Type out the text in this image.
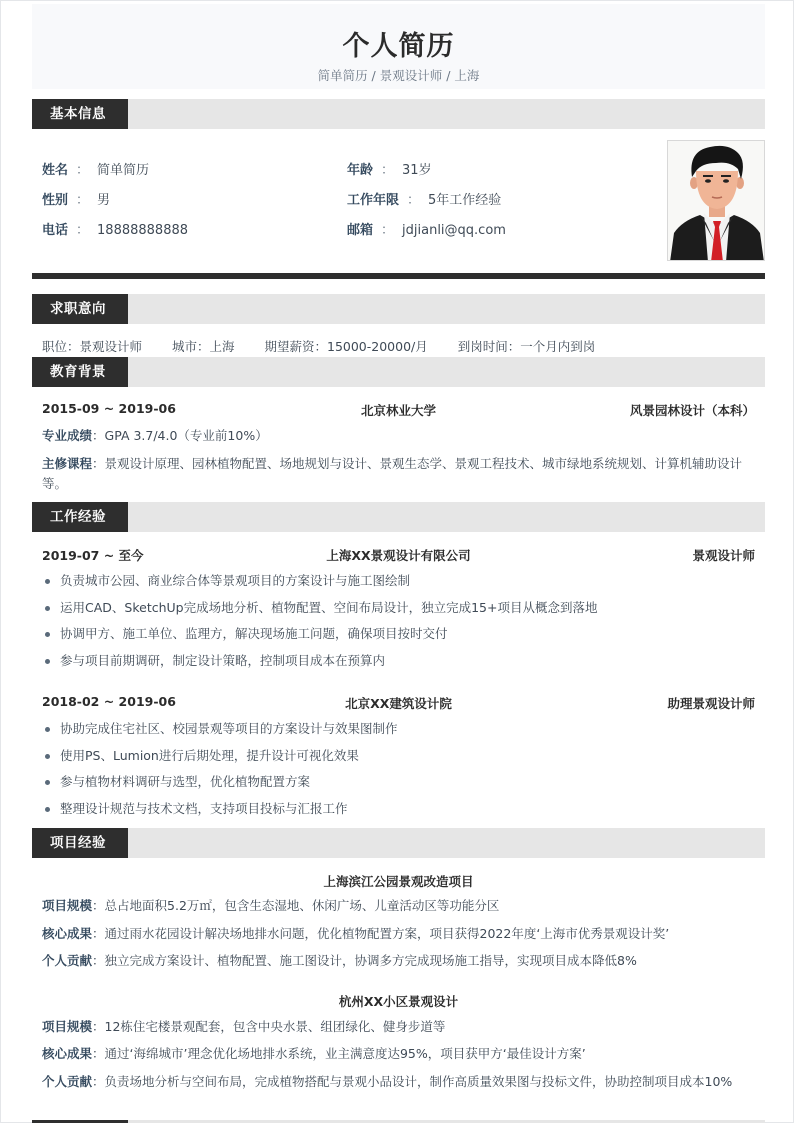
个人简历
简单简历 / 景观设计师 / 上海
基本信息
姓名 ： 简单简历
性别 ： 男
电话 ： 18888888888
年龄 ： 31岁
工作年限 ： 5年工作经验
邮箱 ： jdjianli@qq.com
求职意向
职位：景观设计师 城市：上海 期望薪资：15000-20000/月 到岗时间：一个月内到岗
教育背景
2015-09 ~ 2019-06	北京林业大学	风景园林设计（本科）
专业成绩：GPA 3.7/4.0（专业前10%）
主修课程：景观设计原理、园林植物配置、场地规划与设计、景观生态学、景观工程技术、城市绿地系统规划、计算机辅助设计等。
工作经验
2019-07 ~ 至今	上海XX景观设计有限公司	景观设计师
负责城市公园、商业综合体等景观项目的方案设计与施工图绘制
运用CAD、SketchUp完成场地分析、植物配置、空间布局设计，独立完成15+项目从概念到落地
协调甲方、施工单位、监理方，解决现场施工问题，确保项目按时交付
参与项目前期调研，制定设计策略，控制项目成本在预算内
2018-02 ~ 2019-06	北京XX建筑设计院	助理景观设计师
协助完成住宅社区、校园景观等项目的方案设计与效果图制作
使用PS、Lumion进行后期处理，提升设计可视化效果
参与植物材料调研与选型，优化植物配置方案
整理设计规范与技术文档，支持项目投标与汇报工作
项目经验
上海滨江公园景观改造项目
项目规模：总占地面积5.2万㎡，包含生态湿地、休闲广场、儿童活动区等功能分区
核心成果：通过雨水花园设计解决场地排水问题，优化植物配置方案，项目获得2022年度‘上海市优秀景观设计奖’
个人贡献：独立完成方案设计、植物配置、施工图设计，协调多方完成现场施工指导，实现项目成本降低8%
杭州XX小区景观设计
项目规模：12栋住宅楼景观配套，包含中央水景、组团绿化、健身步道等
核心成果：通过‘海绵城市’理念优化场地排水系统，业主满意度达95%，项目获甲方‘最佳设计方案’
个人贡献：负责场地分析与空间布局，完成植物搭配与景观小品设计，制作高质量效果图与投标文件，协助控制项目成本10%
